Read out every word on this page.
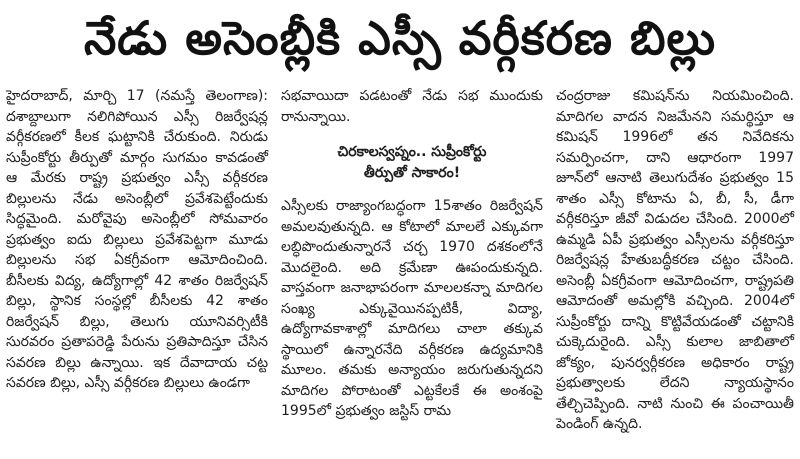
నేడు అసెంబ్లీకి ఎస్సీ వర్గీకరణ బిల్లు

హైదరాబాద్, మార్చి 17 (నమస్తే తెలంగాణ): దశాబ్దాలుగా నలిగిపోయిన ఎస్సీ రిజర్వేషన్ల వర్గీకరణలో కీలక ఘట్టానికి చేరుకుంది. నిరుడు సుప్రీంకోర్టు తీర్పుతో మార్గం సుగమం కావడంతో ఆ మేరకు రాష్ట్ర ప్రభుత్వం ఎస్సీ వర్గీకరణ బిల్లులను నేడు అసెంబ్లీలో ప్రవేశపెట్టేందుకు సిద్ధమైంది. మరోవైపు అసెంబ్లీలో సోమవారం ప్రభుత్వం ఐదు బిల్లులు ప్రవేశపెట్టగా మూడు బిల్లులను సభ ఏకగ్రీవంగా ఆమోదించింది. బీసీలకు విద్య, ఉద్యోగాల్లో 42 శాతం రిజర్వేషన్ బిల్లు, స్థానిక సంస్థల్లో బీసీలకు 42 శాతం రిజర్వేషన్ బిల్లు, తెలుగు యూనివర్సిటీకి సురవరం ప్రతాపరెడ్డి పేరును ప్రతిపాదిస్తూ చేసిన సవరణ బిల్లు ఉన్నాయి. ఇక దేవాదాయ చట్ట సవరణ బిల్లు, ఎస్సీ వర్గీకరణ బిల్లులు ఉండగా

సభవాయిదా పడటంతో నేడు సభ ముందుకు రానున్నాయి.

చిరకాలస్వప్నం.. సుప్రీంకోర్టు
తీర్పుతో సాకారం!

ఎస్సీలకు రాజ్యాంగబద్ధంగా 15శాతం రిజర్వేషన్ అమలవుతున్నది. ఆ కోటాలో మాలలే ఎక్కువగా లబ్ధిపొందుతున్నారనే చర్చ 1970 దశకంలోనే మొదలైంది. అది క్రమేణా ఊపందుకున్నది. వాస్తవంగా జనాభాపరంగా మాలలకన్నా మాదిగల సంఖ్య ఎక్కువైయినప్పటికీ, విద్యా, ఉద్యోగావకాశాల్లో మాదిగలు చాలా తక్కువ స్థాయిలో ఉన్నారనేది వర్గీకరణ ఉద్యమానికి మూలం. తమకు అన్యాయం జరుగుతున్నదని మాదిగల పోరాటంతో ఎట్టకేలకే ఈ అంశంపై 1995లో ప్రభుత్వం జస్టిస్ రామ

చంద్రరాజు కమిషన్‌ను నియమించింది. మాదిగల వాదన నిజమేనని సమర్థిస్తూ ఆ కమిషన్ 1996లో తన నివేదికను సమర్పించగా, దాని ఆధారంగా 1997 జూన్‌లో ఆనాటి తెలుగుదేశం ప్రభుత్వం 15 శాతం ఎస్సీ కోటాను ఏ, బీ, సీ, డీగా వర్గీకరిస్తూ జీవో విడుదల చేసింది. 2000లో ఉమ్మడి ఏపీ ప్రభుత్వం ఎస్సీలను వర్గీకరిస్తూ రిజర్వేషన్ల హేతుబద్ధీకరణ చట్టం చేసింది. అసెంబ్లీ ఏకగ్రీవంగా ఆమోదించగా, రాష్ట్రపతి ఆమోదంతో అమల్లోకి వచ్చింది. 2004లో సుప్రీంకోర్టు దాన్ని కొట్టివేయడంతో చట్టానికి చుక్కెదురైంది. ఎస్సీ కులాల జాబితాలో జోక్యం, పునర్వర్గీకరణ అధికారం రాష్ట్ర ప్రభుత్వాలకు లేదని న్యాయస్థానం తేల్చిచెప్పింది. నాటి నుంచి ఈ పంచాయితీ పెండింగ్ ఉన్నది.
